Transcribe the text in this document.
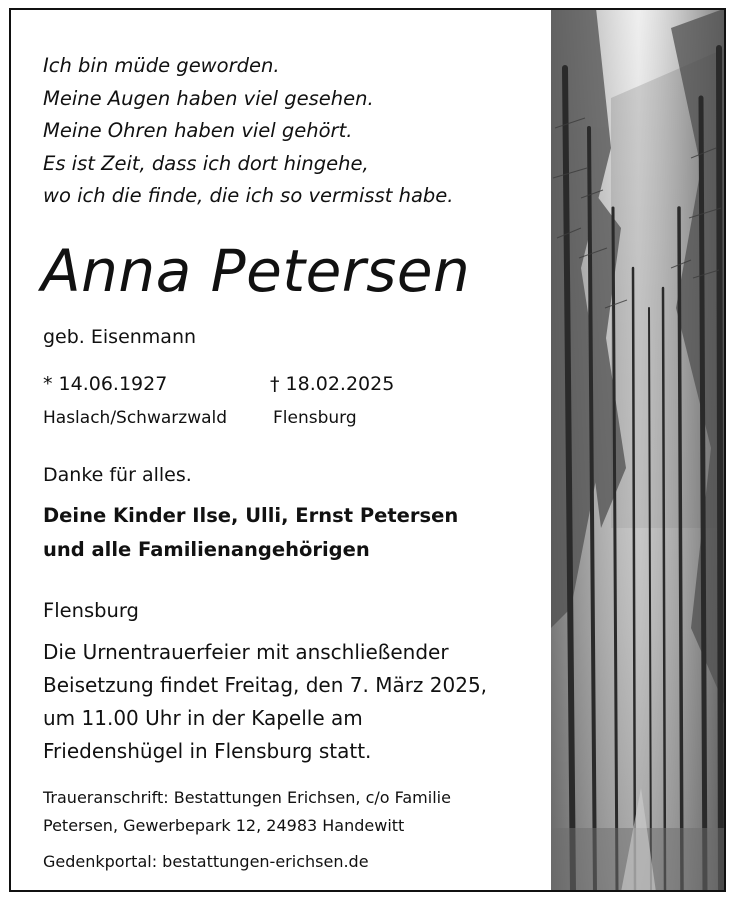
Ich bin müde geworden.
Meine Augen haben viel gesehen.
Meine Ohren haben viel gehört.
Es ist Zeit, dass ich dort hingehe,
wo ich die finde, die ich so vermisst habe.
Anna Petersen
geb. Eisenmann
* 14.06.1927
Haslach/Schwarzwald
† 18.02.2025
Flensburg
Danke für alles.
Deine Kinder Ilse, Ulli, Ernst Petersen
und alle Familienangehörigen
Flensburg
Die Urnentrauerfeier mit anschließender
Beisetzung findet Freitag, den 7. März 2025,
um 11.00 Uhr in der Kapelle am
Friedenshügel in Flensburg statt.
Traueranschrift: Bestattungen Erichsen, c/o Familie
Petersen, Gewerbepark 12, 24983 Handewitt
Gedenkportal: bestattungen-erichsen.de
